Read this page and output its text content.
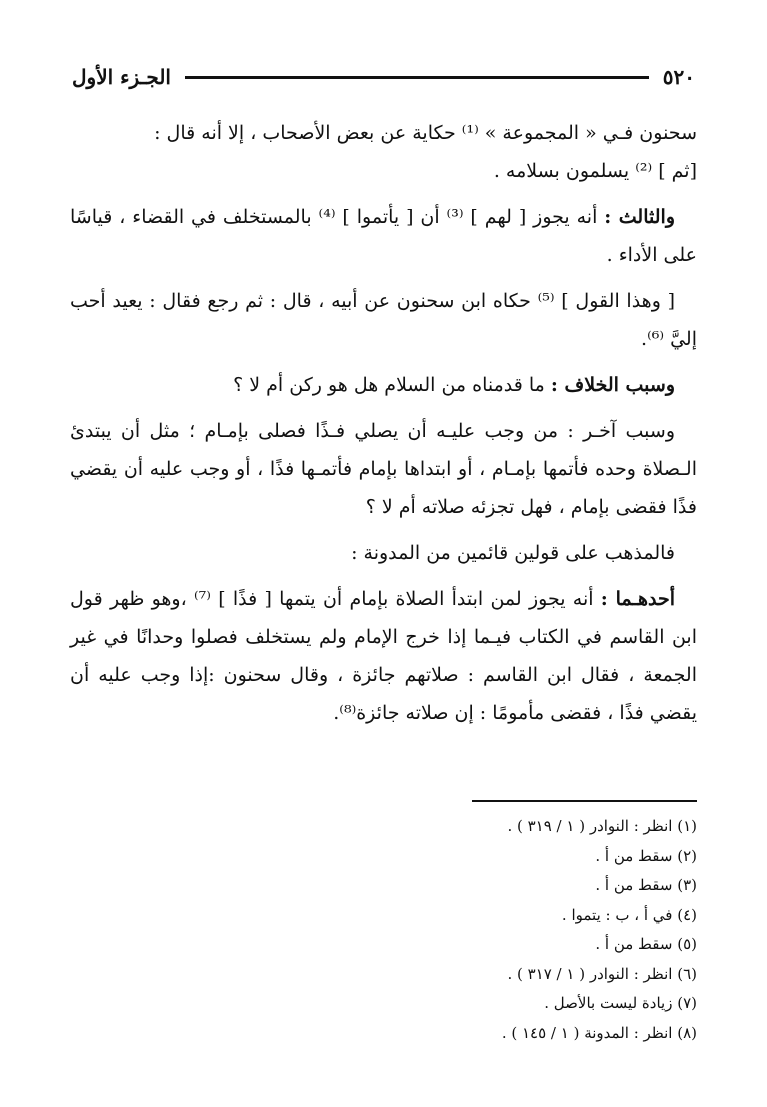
٥٢٠
الجـزء الأول

سحنون فـي « المجموعة » ⁽¹⁾ حكاية عن بعض الأصحاب ، إلا أنه قال :
[ثم ] ⁽²⁾ يسلمون بسلامه .

والثالث : أنه يجوز [ لهم ] ⁽³⁾ أن [ يأتموا ] ⁽⁴⁾ بالمستخلف في القضاء ، قياسًا على الأداء .

[ وهذا القول ] ⁽⁵⁾ حكاه ابن سحنون عن أبيه ، قال : ثم رجع فقال : يعيد أحب إليَّ ⁽⁶⁾.

وسبب الخلاف : ما قدمناه من السلام هل هو ركن أم لا ؟

وسبب آخـر : من وجب عليـه أن يصلي فـذًا فصلى بإمـام ؛ مثل أن يبتدئ الـصلاة وحده فأتمها بإمـام ، أو ابتداها بإمام فأتمـها فذًا ، أو وجب عليه أن يقضي فذًا فقضى بإمام ، فهل تجزئه صلاته أم لا ؟

فالمذهب على قولين قائمين من المدونة :

أحدهـما : أنه يجوز لمن ابتدأ الصلاة بإمام أن يتمها [ فذًا ] ⁽⁷⁾ ،وهو ظهر قول ابن القاسم في الكتاب فيـما إذا خرج الإمام ولم يستخلف فصلوا وحدانًا في غير الجمعة ، فقال ابن القاسم : صلاتهم جائزة ، وقال سحنون :إذا وجب عليه أن يقضي فذًا ، فقضى مأمومًا : إن صلاته جائزة⁽⁸⁾.

(١) انظر : النوادر ( ١ / ٣١٩ ) .
(٢) سقط من أ .
(٣) سقط من أ .
(٤) في أ ، ب : يتموا .
(٥) سقط من أ .
(٦) انظر : النوادر ( ١ / ٣١٧ ) .
(٧) زيادة ليست بالأصل .
(٨) انظر : المدونة ( ١ / ١٤٥ ) .
